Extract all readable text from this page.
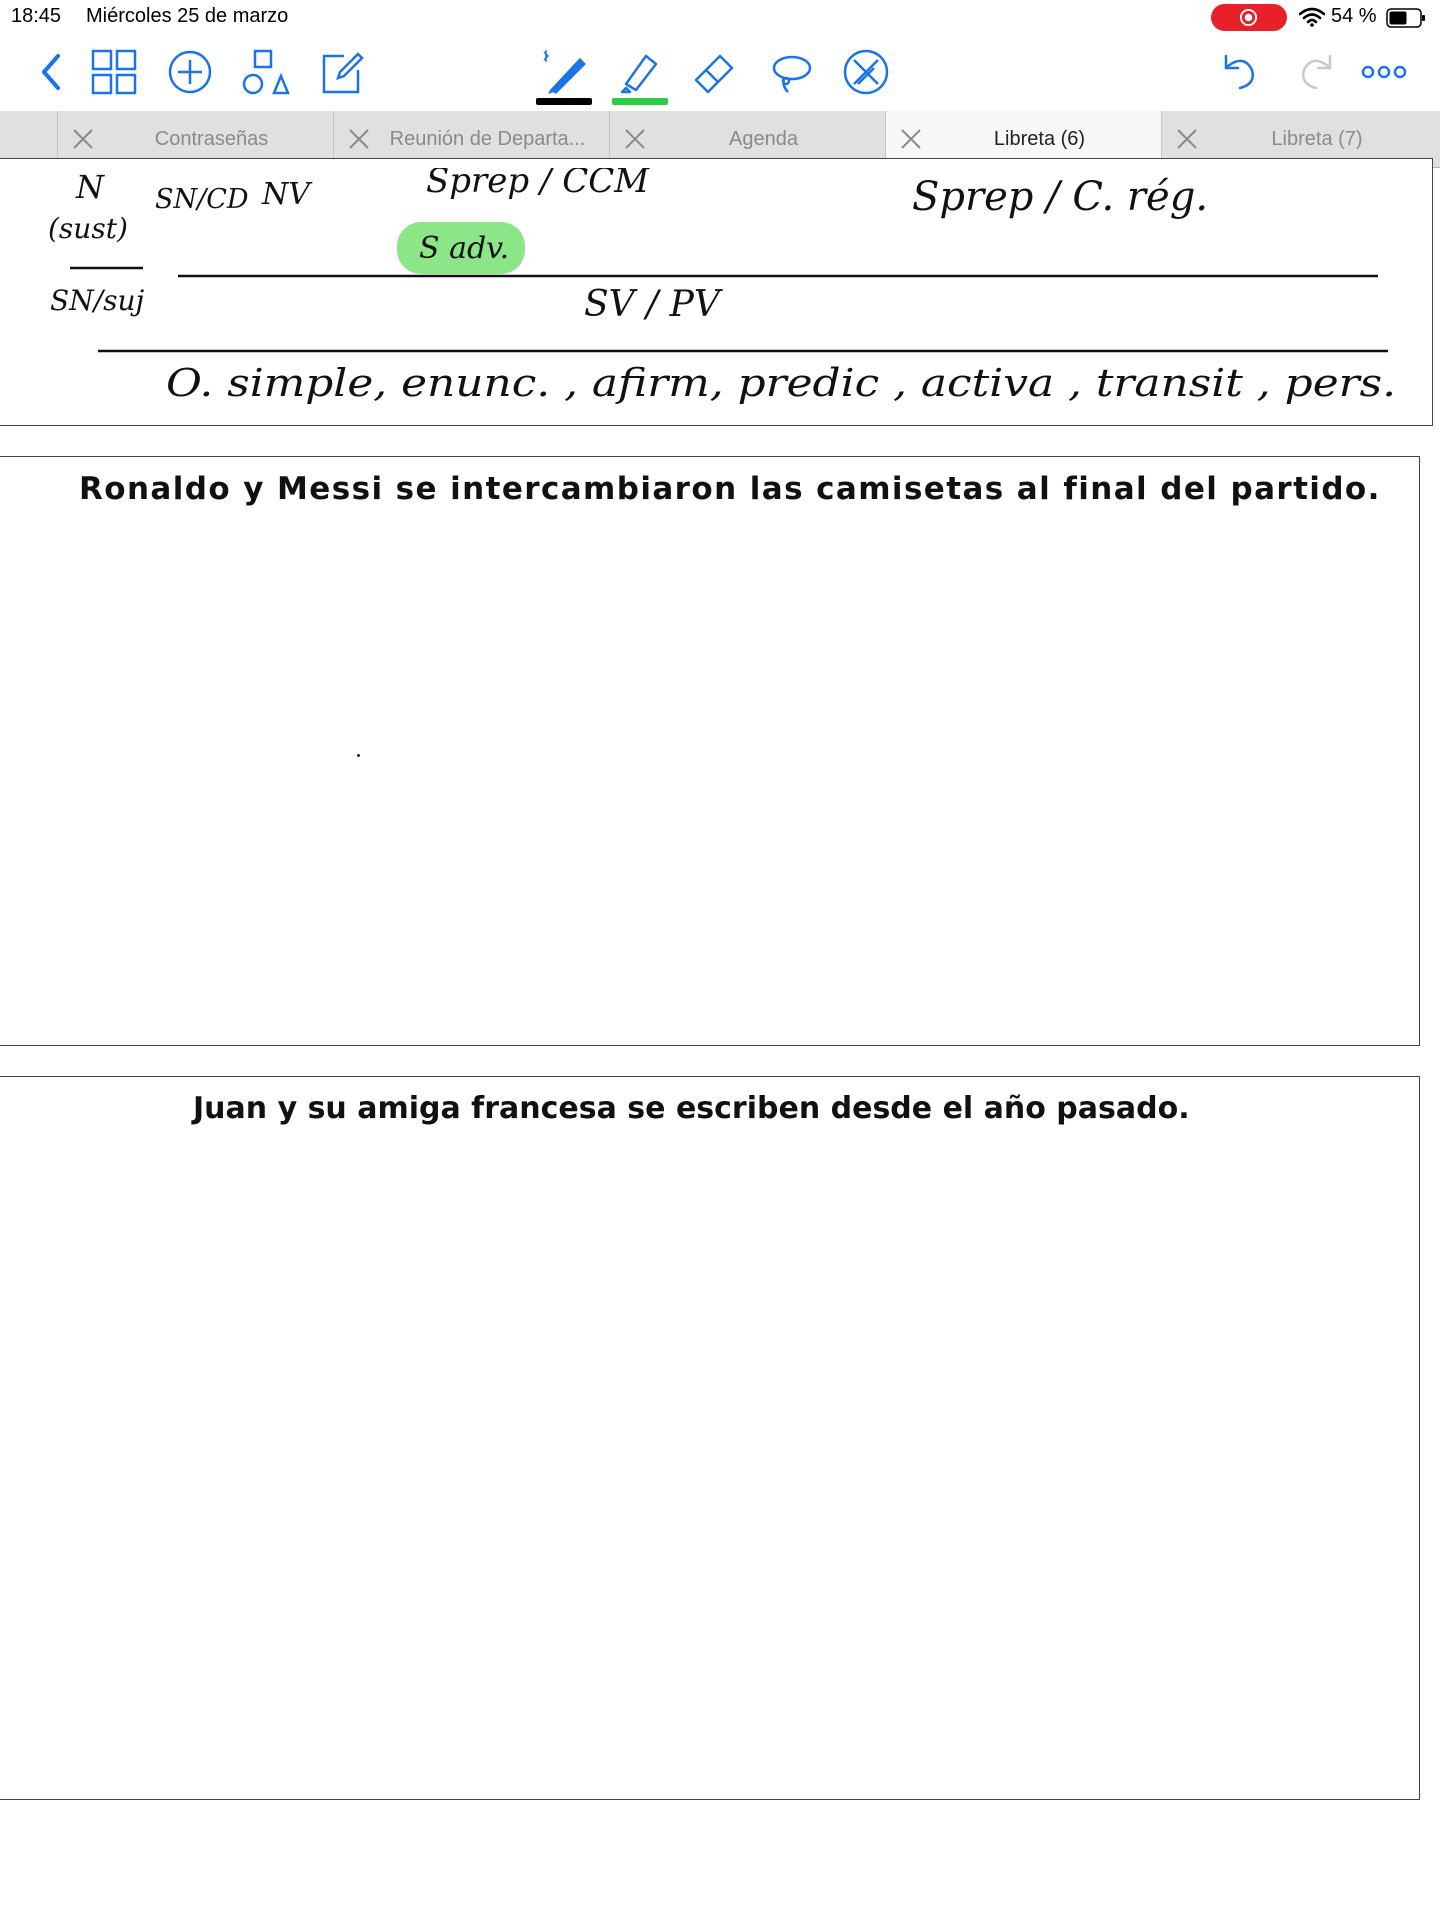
18:45 Miércoles 25 de marzo	54 %
Contraseñas	Reunión de Departa...	Agenda	Libreta (6)	Libreta (7)
N
(sust)
SN/CD NV	Sprep / CCM
S adv.
Sprep / C. rég.
SN/suj	SV / PV
O. simple, enunc. , afirm, predic , activa , transit , pers.
Ronaldo y Messi se intercambiaron las camisetas al final del partido.
Juan y su amiga francesa se escriben desde el año pasado.
